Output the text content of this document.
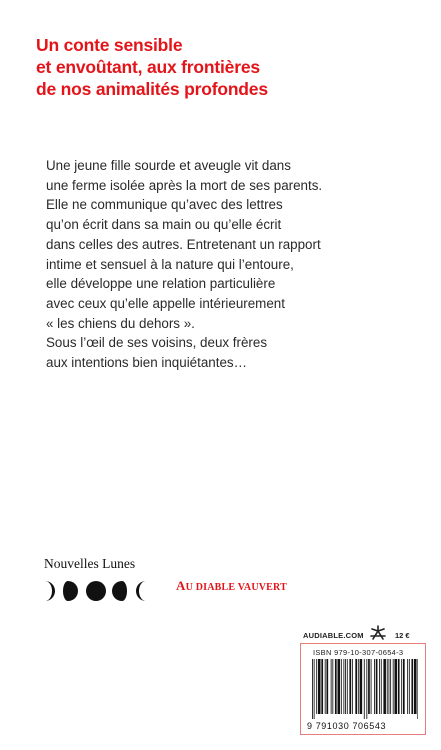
Un conte sensible
et envoûtant, aux frontières
de nos animalités profondes
Une jeune fille sourde et aveugle vit dans
une ferme isolée après la mort de ses parents.
Elle ne communique qu’avec des lettres
qu’on écrit dans sa main ou qu’elle écrit
dans celles des autres. Entretenant un rapport
intime et sensuel à la nature qui l’entoure,
elle développe une relation particulière
avec ceux qu’elle appelle intérieurement
« les chiens du dehors ».
Sous l’œil de ses voisins, deux frères
aux intentions bien inquiétantes…
Nouvelles Lunes
AU DIABLE VAUVERT
AUDIABLE.COM	12 €
ISBN 979-10-307-0654-3
9 791030 706543
